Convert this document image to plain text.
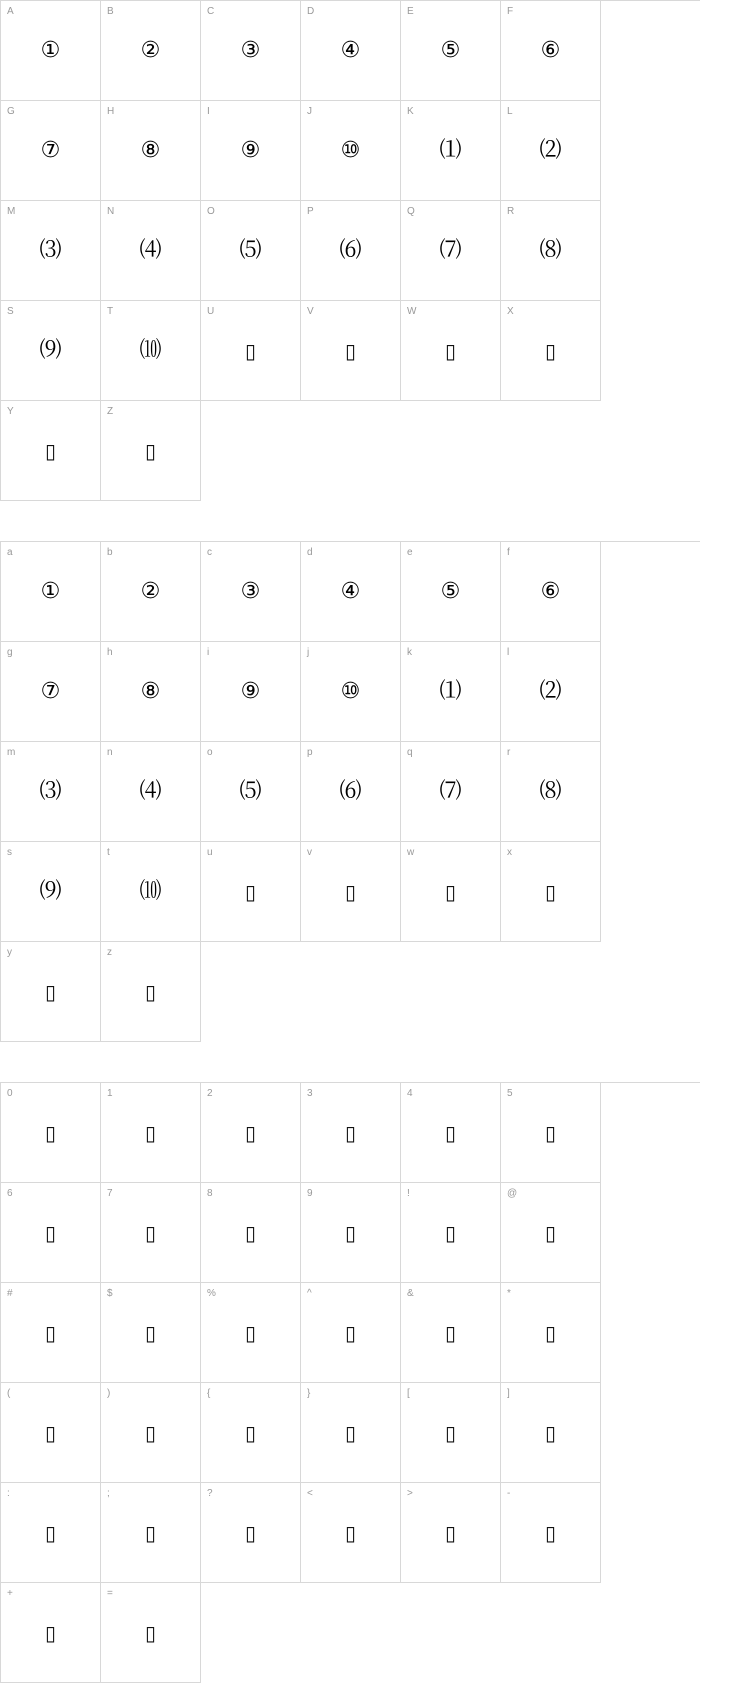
A
①
B
②
C
③
D
④
E
⑤
F
⑥
G
⑦
H
⑧
I
⑨
J
⑩
K
⑴
L
⑵
M
⑶
N
⑷
O
⑸
P
⑹
Q
⑺
R
⑻
S
⑼
T
⑽
U
▯
V
▯
W
▯
X
▯
Y
▯
Z
▯
a
①
b
②
c
③
d
④
e
⑤
f
⑥
g
⑦
h
⑧
i
⑨
j
⑩
k
⑴
l
⑵
m
⑶
n
⑷
o
⑸
p
⑹
q
⑺
r
⑻
s
⑼
t
⑽
u
▯
v
▯
w
▯
x
▯
y
▯
z
▯
0
▯
1
▯
2
▯
3
▯
4
▯
5
▯
6
▯
7
▯
8
▯
9
▯
!
▯
@
▯
#
▯
$
▯
%
▯
^
▯
&
▯
*
▯
(
▯
)
▯
{
▯
}
▯
[
▯
]
▯
:
▯
;
▯
?
▯
<
▯
>
▯
-
▯
+
▯
=
▯
